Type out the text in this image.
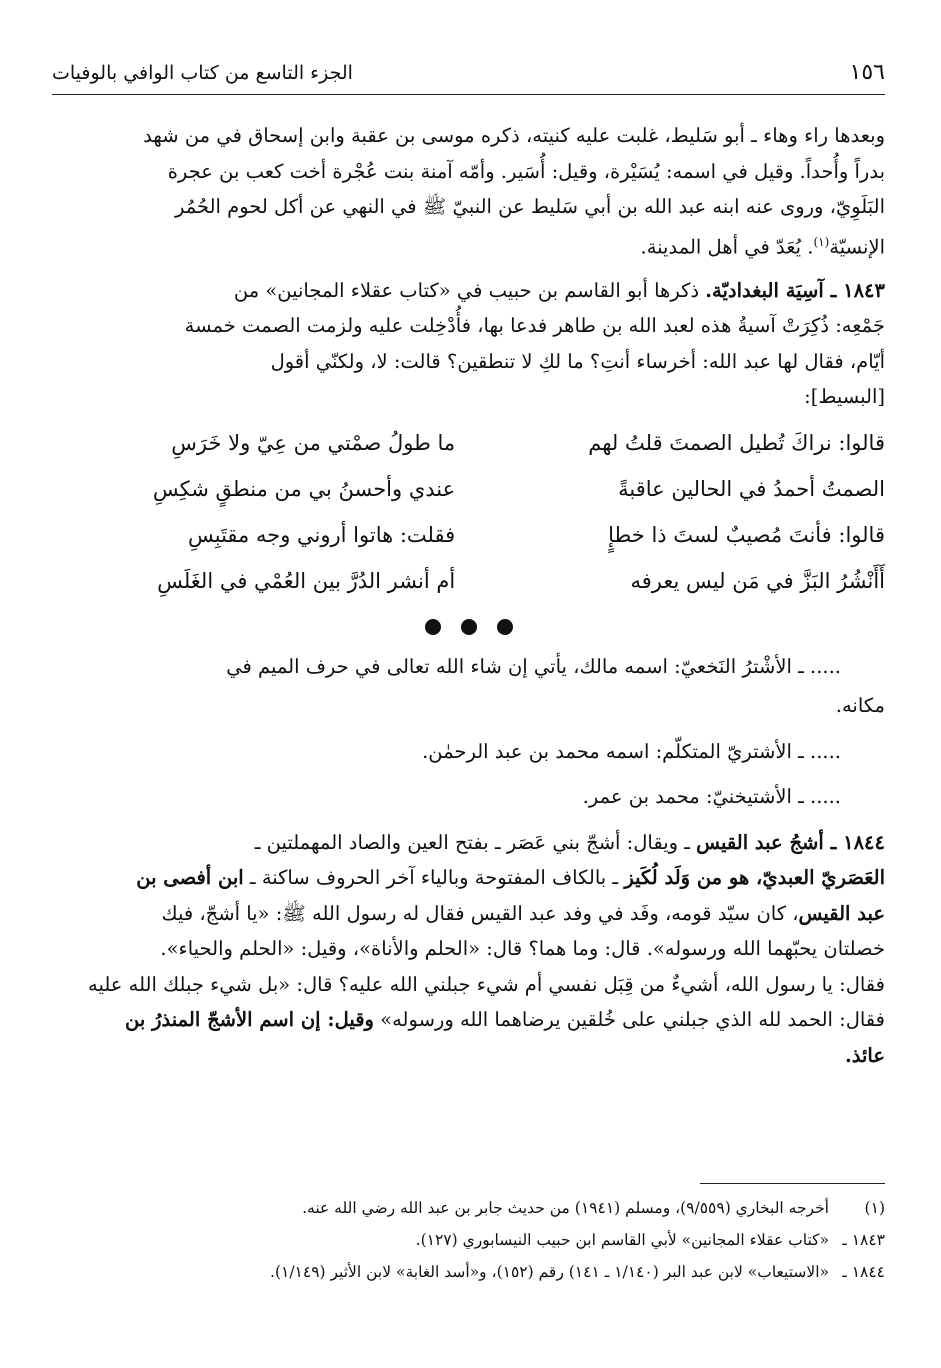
١٥٦
الجزء التاسع من كتاب الوافي بالوفيات

وبعدها راء وهاء ـ أبو سَليط، غلبت عليه كنيته، ذكره موسى بن عقبة وابن إسحاق في من شهد

بدراً وأُحداً. وقيل في اسمه: يُسَيْرة، وقيل: أُسَير. وأمّه آمنة بنت عُجْرة أخت كعب بن عجرة

البَلَوِيّ، وروى عنه ابنه عبد الله بن أبي سَليط عن النبيّ ﷺ في النهي عن أكل لحوم الحُمُر

الإنسيّة$^{(١)}$. يُعَدّ في أهل المدينة.

١٨٤٣ ـ آسِيَة البغداديّة. ذكرها أبو القاسم بن حبيب في «كتاب عقلاء المجانين» من

جَمْعِه: ذُكِرَتْ آسيةُ هذه لعبد الله بن طاهر فدعا بها، فأُدْخِلت عليه ولزمت الصمت خمسة

أيّام، فقال لها عبد الله: أخرساء أنتِ؟ ما لكِ لا تنطقين؟ قالت: لا، ولكنّي أقول

[البسيط]:

قالوا: نراكَ تُطيل الصمتَ قلتُ لهم
ما طولُ صمْتي من عِيّ ولا خَرَسِ
الصمتُ أحمدُ في الحالين عاقبةً
عندي وأحسنُ بي من منطقٍ شكِسِ
قالوا: فأنتَ مُصيبٌ لستَ ذا خطإٍ
فقلت: هاتوا أروني وجه مقتَبِسِ
أَأَنْشُرُ البَزَّ في مَن ليس يعرفه
أم أنشر الدُرَّ بين العُمْي في الغَلَسِ

..... ـ الأشْترُ النَخعيّ: اسمه مالك، يأتي إن شاء الله تعالى في حرف الميم في

مكانه.

..... ـ الأشتريّ المتكلّم: اسمه محمد بن عبد الرحمٰن.

..... ـ الأشتيخنيّ: محمد بن عمر.

١٨٤٤ ـ أشجُ عبد القيس ـ ويقال: أشجّ بني عَصَر ـ بفتح العين والصاد المهملتين ـ

العَصَريّ العبديّ، هو من وَلَد لُكَيز ـ بالكاف المفتوحة وبالياء آخر الحروف ساكنة ـ ابن أفصى بن

عبد القيس، كان سيّد قومه، وفَد في وفد عبد القيس فقال له رسول الله ﷺ: «يا أشجّ، فيك

خصلتان يحبّهما الله ورسوله». قال: وما هما؟ قال: «الحلم والأناة»، وقيل: «الحلم والحياء».

فقال: يا رسول الله، أشيءٌ من قِبَل نفسي أم شيء جبلني الله عليه؟ قال: «بل شيء جبلك الله عليه

فقال: الحمد لله الذي جبلني على خُلقين يرضاهما الله ورسوله» وقيل: إن اسم الأشجّ المنذرُ بن

عائذ.

(١)أخرجه البخاري (٩/٥٥٩)، ومسلم (١٩٤١) من حديث جابر بن عبد الله رضي الله عنه.
١٨٤٣ ـ«كتاب عقلاء المجانين» لأبي القاسم ابن حبيب النيسابوري (١٢٧).
١٨٤٤ ـ«الاستيعاب» لابن عبد البر (١/١٤٠ ـ ١٤١) رقم (١٥٢)، و«أسد الغابة» لابن الأثير (١/١٤٩).
